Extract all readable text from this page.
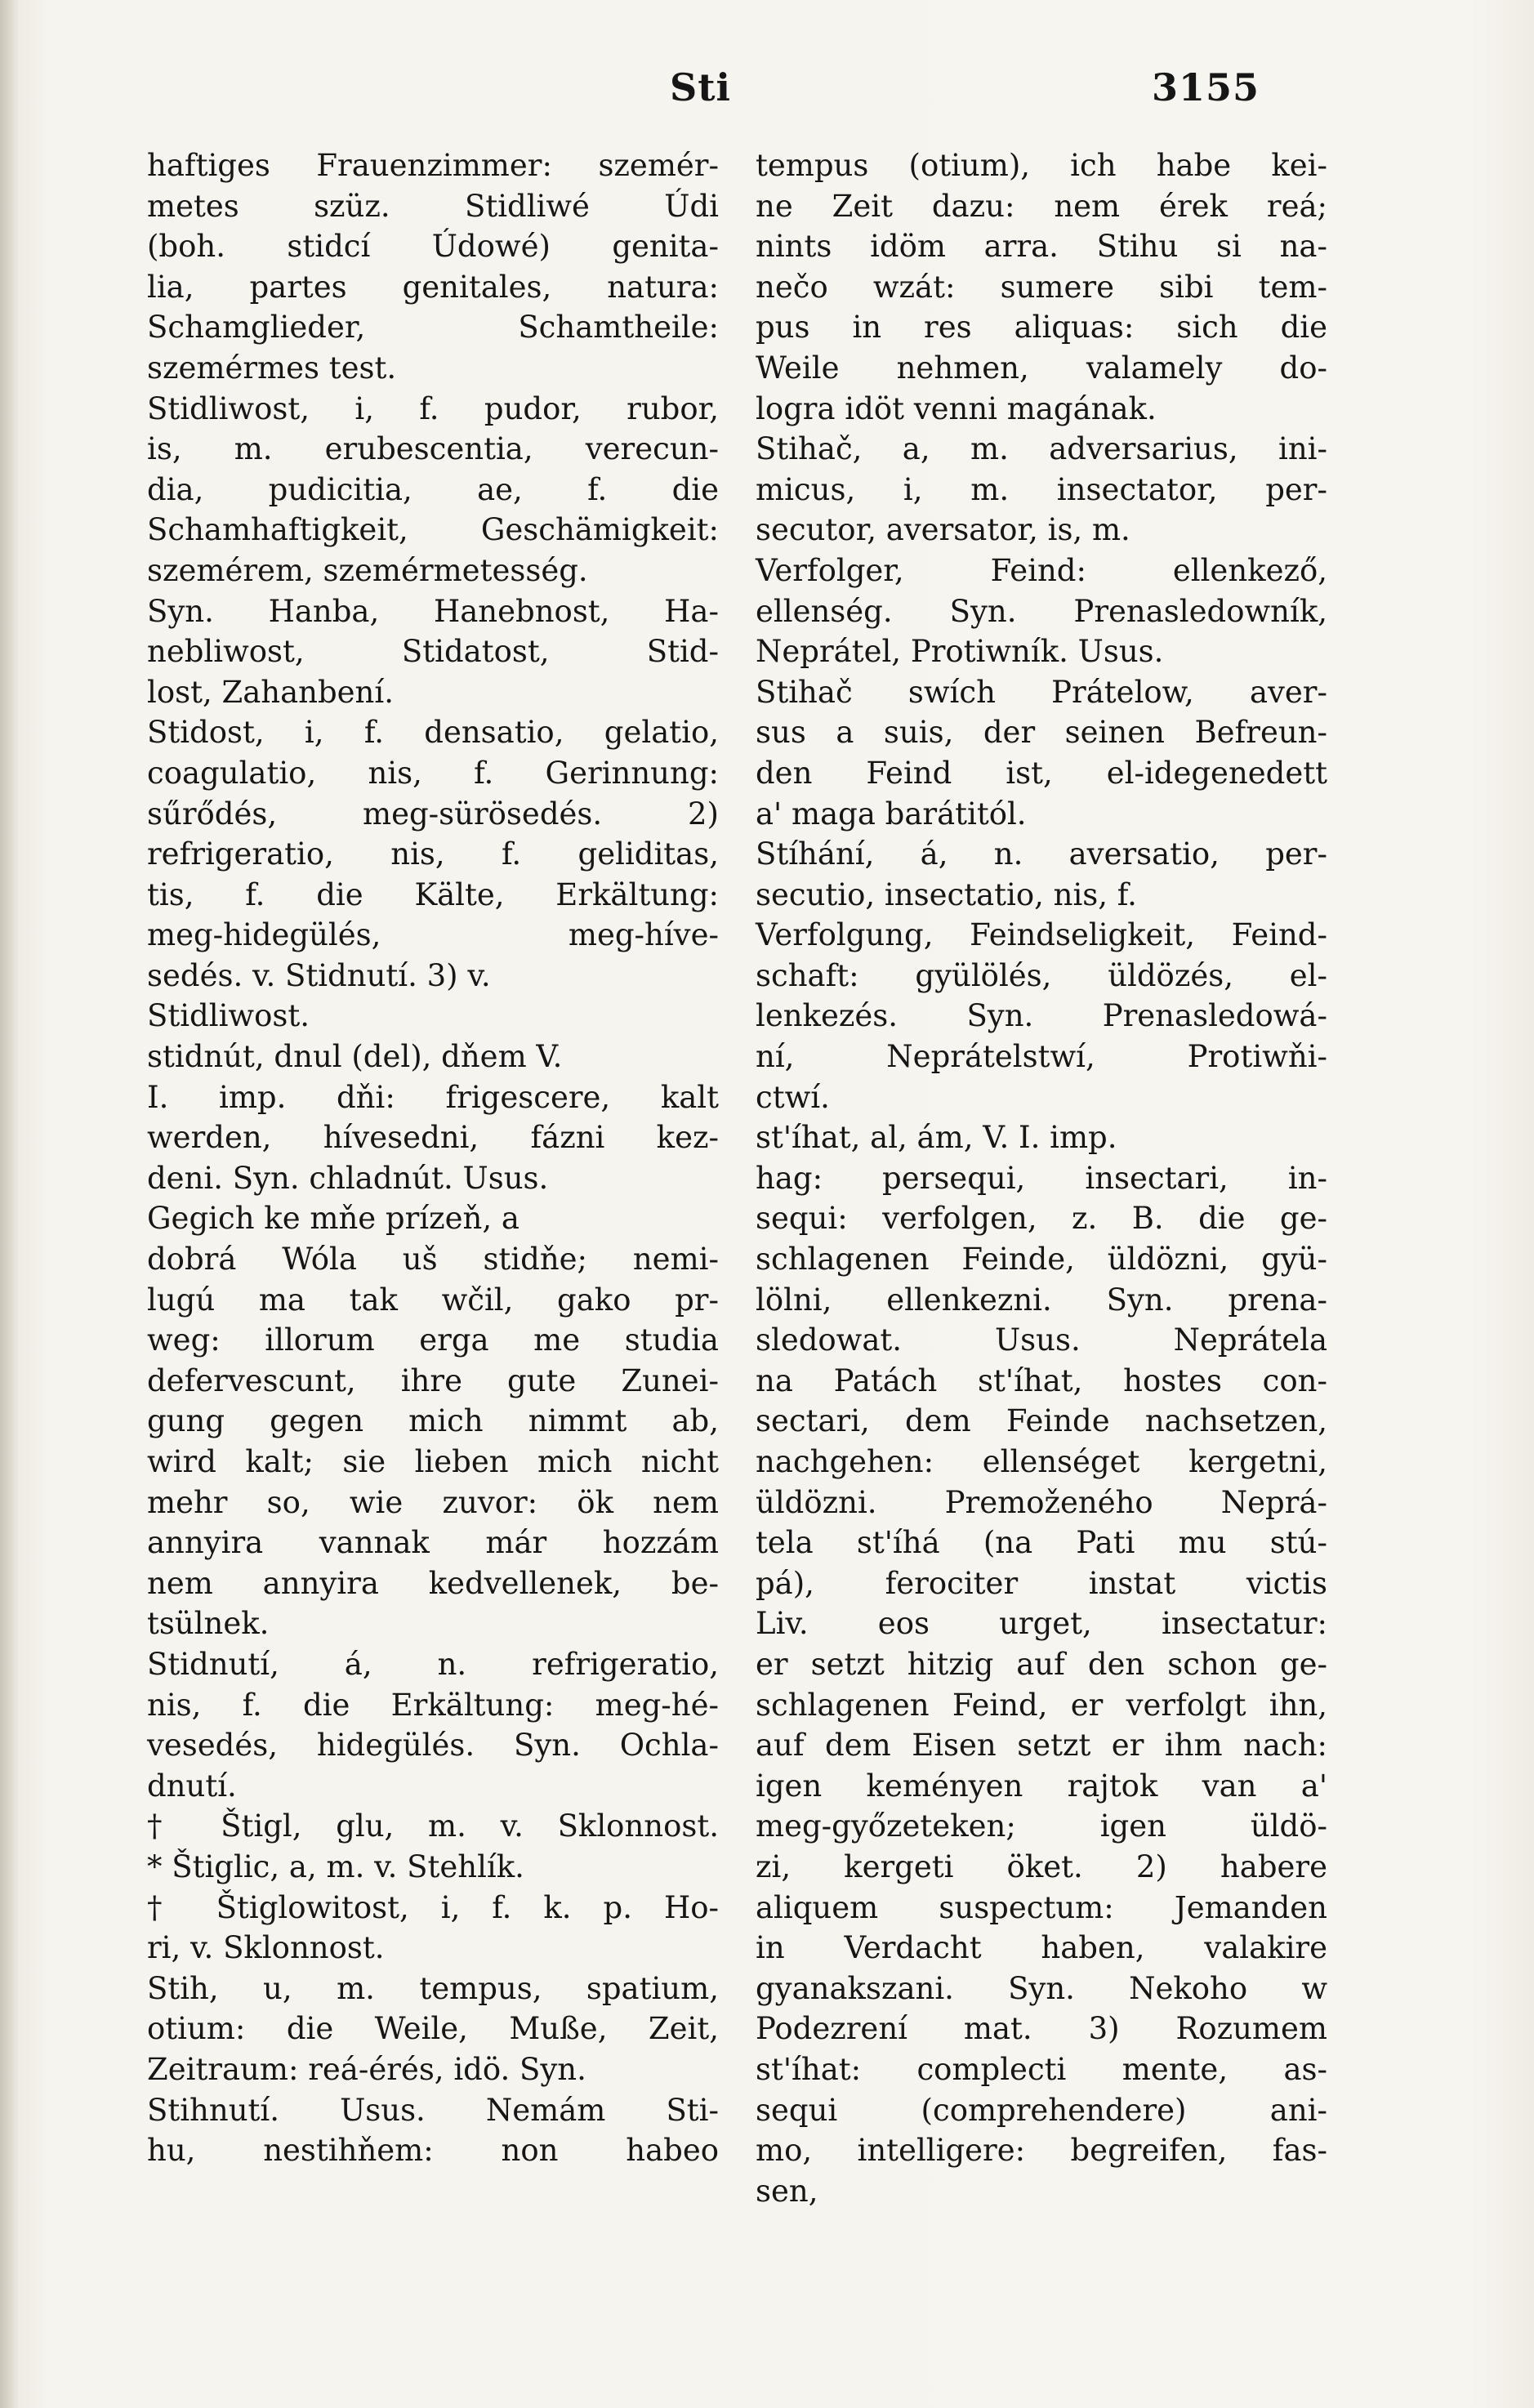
Sti	3155
haftiges Frauenzimmer: szemér-
metes szüz. Stidliwé Údi
(boh. stidcí Údowé) genita-
lia, partes genitales, natura:
Schamglieder, Schamtheile:
szemérmes test.
Stidliwost, i, f. pudor, rubor,
is, m. erubescentia, verecun-
dia, pudicitia, ae, f. die
Schamhaftigkeit, Geschämigkeit:
szemérem, szemérmetesség.
Syn. Hanba, Hanebnost, Ha-
nebliwost, Stidatost, Stid-
lost, Zahanbení.
Stidost, i, f. densatio, gelatio,
coagulatio, nis, f. Gerinnung:
sűrődés, meg-sürösedés. 2)
refrigeratio, nis, f. geliditas,
tis, f. die Kälte, Erkältung:
meg-hidegülés, meg-híve-
sedés. v. Stidnutí. 3) v.
Stidliwost.
stidnút, dnul (del), dňem V.
I. imp. dňi: frigescere, kalt
werden, hívesedni, fázni kez-
deni. Syn. chladnút. Usus.
Gegich ke mňe prízeň, a
dobrá Wóla uš stidňe; nemi-
lugú ma tak wčil, gako pr-
weg: illorum erga me studia
defervescunt, ihre gute Zunei-
gung gegen mich nimmt ab,
wird kalt; sie lieben mich nicht
mehr so, wie zuvor: ök nem
annyira vannak már hozzám
nem annyira kedvellenek, be-
tsülnek.
Stidnutí, á, n. refrigeratio,
nis, f. die Erkältung: meg-hé-
vesedés, hidegülés. Syn. Ochla-
dnutí.
† Štigl, glu, m. v. Sklonnost.
* Štiglic, a, m. v. Stehlík.
† Štiglowitost, i, f. k. p. Ho-
ri, v. Sklonnost.
Stih, u, m. tempus, spatium,
otium: die Weile, Muße, Zeit,
Zeitraum: reá-érés, idö. Syn.
Stihnutí. Usus. Nemám Sti-
hu, nestihňem: non habeo
tempus (otium), ich habe kei-
ne Zeit dazu: nem érek reá;
nints idöm arra. Stihu si na-
nečo wzát: sumere sibi tem-
pus in res aliquas: sich die
Weile nehmen, valamely do-
logra idöt venni magának.
Stihač, a, m. adversarius, ini-
micus, i, m. insectator, per-
secutor, aversator, is, m.
Verfolger, Feind: ellenkező,
ellenség. Syn. Prenasledowník,
Neprátel, Protiwník. Usus.
Stihač swích Prátelow, aver-
sus a suis, der seinen Befreun-
den Feind ist, el-idegenedett
a' maga barátitól.
Stíhání, á, n. aversatio, per-
secutio, insectatio, nis, f.
Verfolgung, Feindseligkeit, Feind-
schaft: gyülölés, üldözés, el-
lenkezés. Syn. Prenasledowá-
ní, Neprátelstwí, Protiwňi-
ctwí.
st'íhat, al, ám, V. I. imp.
hag: persequi, insectari, in-
sequi: verfolgen, z. B. die ge-
schlagenen Feinde, üldözni, gyü-
lölni, ellenkezni. Syn. prena-
sledowat. Usus. Neprátela
na Patách st'íhat, hostes con-
sectari, dem Feinde nachsetzen,
nachgehen: ellenséget kergetni,
üldözni. Premoženého Neprá-
tela st'íhá (na Pati mu stú-
pá), ferociter instat victis
Liv. eos urget, insectatur:
er setzt hitzig auf den schon ge-
schlagenen Feind, er verfolgt ihn,
auf dem Eisen setzt er ihm nach:
igen keményen rajtok van a'
meg-győzeteken; igen üldö-
zi, kergeti öket. 2) habere
aliquem suspectum: Jemanden
in Verdacht haben, valakire
gyanakszani. Syn. Nekoho w
Podezrení mat. 3) Rozumem
st'íhat: complecti mente, as-
sequi (comprehendere) ani-
mo, intelligere: begreifen, fas-
sen,
